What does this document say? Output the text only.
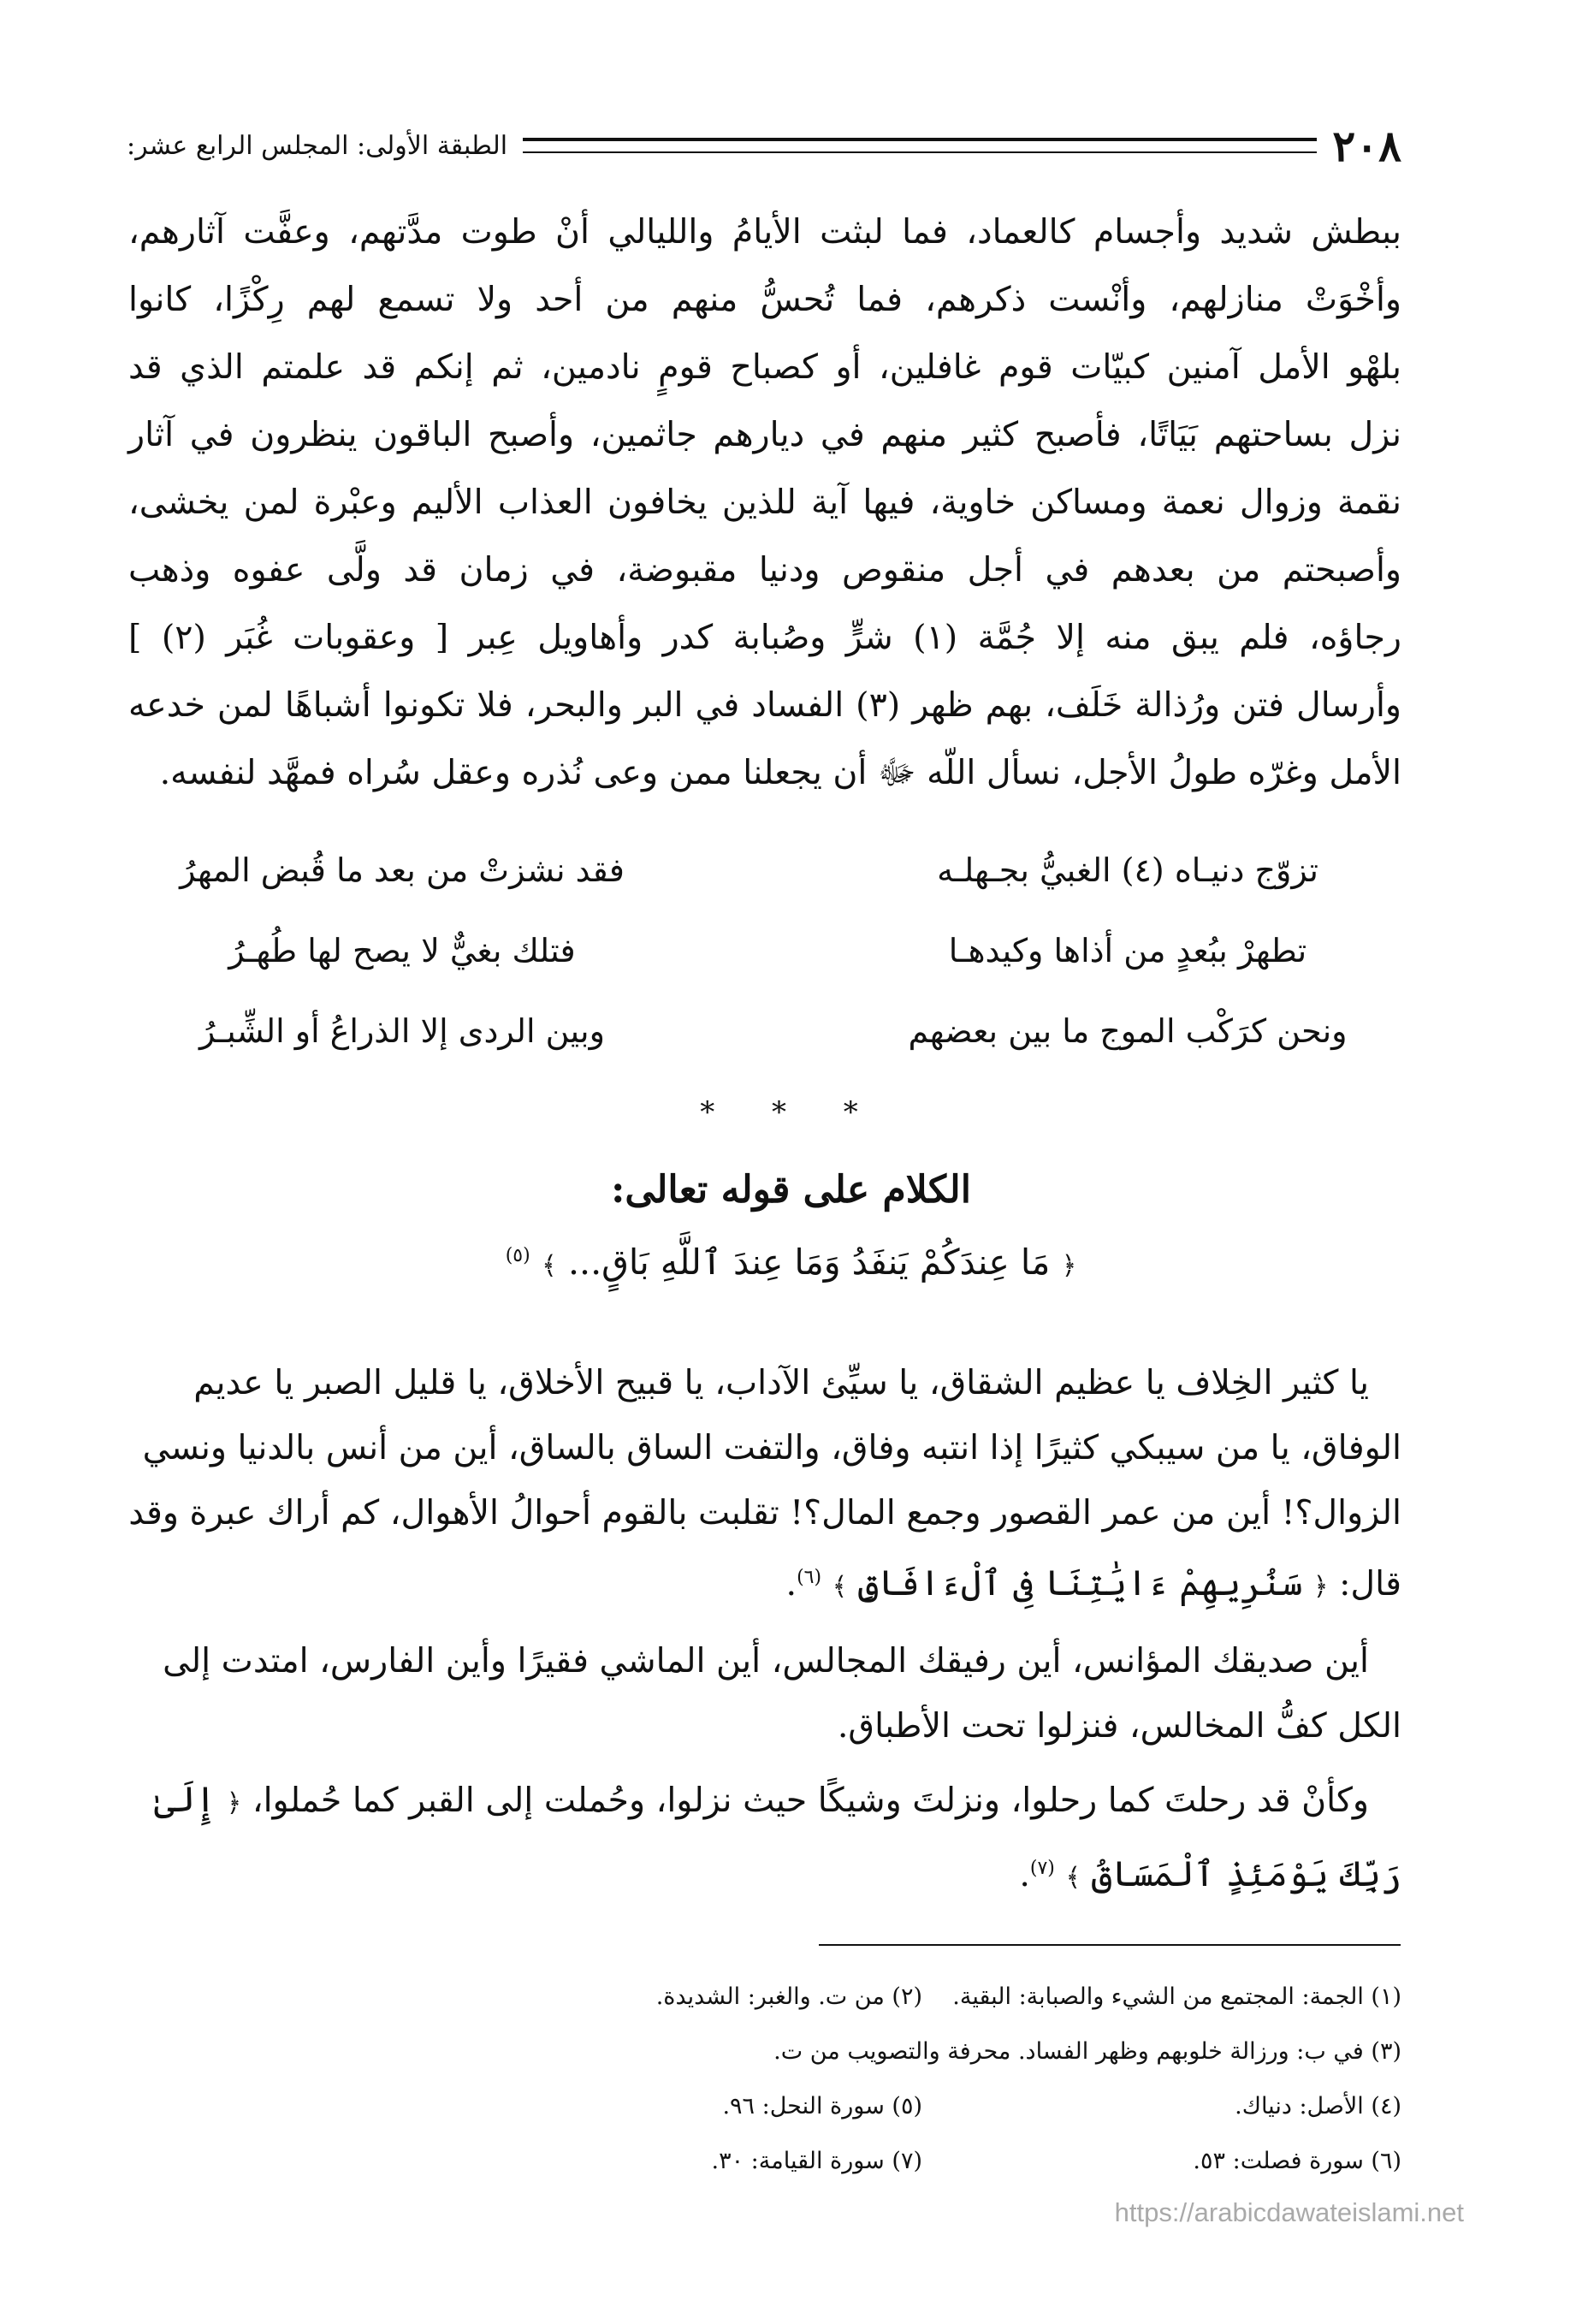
٢٠٨
الطبقة الأولى: المجلس الرابع عشر:
ببطش شديد وأجسام كالعماد، فما لبثت الأيامُ والليالي أنْ طوت مدَّتهم، وعفَّت آثارهم،
وأخْوَتْ منازلهم، وأنْست ذكرهم، فما تُحسُّ منهم من أحد ولا تسمع لهم رِكْزًا، كانوا
بلهْو الأمل آمنين كبيّات قوم غافلين، أو كصباح قومٍ نادمين، ثم إنكم قد علمتم الذي قد
نزل بساحتهم بَيَاتًا، فأصبح كثير منهم في ديارهم جاثمين، وأصبح الباقون ينظرون في آثار
نقمة وزوال نعمة ومساكن خاوية، فيها آية للذين يخافون العذاب الأليم وعبْرة لمن يخشى،
وأصبحتم من بعدهم في أجل منقوص ودنيا مقبوضة، في زمان قد ولَّى عفوه وذهب
رجاؤه، فلم يبق منه إلا جُمَّة (١) شرٍّ وصُبابة كدر وأهاويل عِبر [ وعقوبات غُبَر (٢) ]
وأرسال فتن ورُذالة خَلَف، بهم ظهر (٣) الفساد في البر والبحر، فلا تكونوا أشباهًا لمن خدعه
الأمل وغرّه طولُ الأجل، نسأل اللّه ﷻ أن يجعلنا ممن وعى نُذره وعقل سُراه فمهَّد لنفسه.
تزوّج دنيـاه (٤) الغبيُّ بجـهلـه
فقد نشزتْ من بعد ما قُبض المهرُ
تطهرْ ببُعدٍ من أذاها وكيدهـا
فتلك بغيٌّ لا يصح لها طُهـرُ
ونحن كرَكْب الموج ما بين بعضهم
وبين الردى إلا الذراعُ أو الشِّبـرُ
* * *
الكلام على قوله تعالى:
﴿ مَا عِندَكُمْ يَنفَدُ وَمَا عِندَ ٱللَّهِ بَاقٍ... ﴾ $^{(٥)}$

يا كثير الخِلاف يا عظيم الشقاق، يا سيِّئ الآداب، يا قبيح الأخلاق، يا قليل الصبر يا عديم الوفاق، يا من سيبكي كثيرًا إذا انتبه وفاق، والتفت الساق بالساق، أين من أنس بالدنيا ونسي الزوال؟! أين من عمر القصور وجمع المال؟! تقلبت بالقوم أحوالُ الأهوال، كم أراك عبرة وقد قال: ﴿ سَنُرِيهِمْ ءَايَٰتِنَا فِى ٱلْءَافَاقِ ﴾ $^{(٦)}$.

أين صديقك المؤانس، أين رفيقك المجالس، أين الماشي فقيرًا وأين الفارس، امتدت إلى الكل كفُّ المخالس، فنزلوا تحت الأطباق.

وكأنْ قد رحلتَ كما رحلوا، ونزلتَ وشيكًا حيث نزلوا، وحُملت إلى القبر كما حُملوا، ﴿ إِلَىٰ رَبِّكَ يَوْمَئِذٍ ٱلْمَسَاقُ ﴾ $^{(٧)}$.

(١) الجمة: المجتمع من الشيء والصبابة: البقية.
(٢) من ت. والغبر: الشديدة.
(٣) في ب: ورزالة خلوبهم وظهر الفساد. محرفة والتصويب من ت.
(٤) الأصل: دنياك.
(٥) سورة النحل: ٩٦.
(٦) سورة فصلت: ٥٣.
(٧) سورة القيامة: ٣٠.
https://arabicdawateislami.net
